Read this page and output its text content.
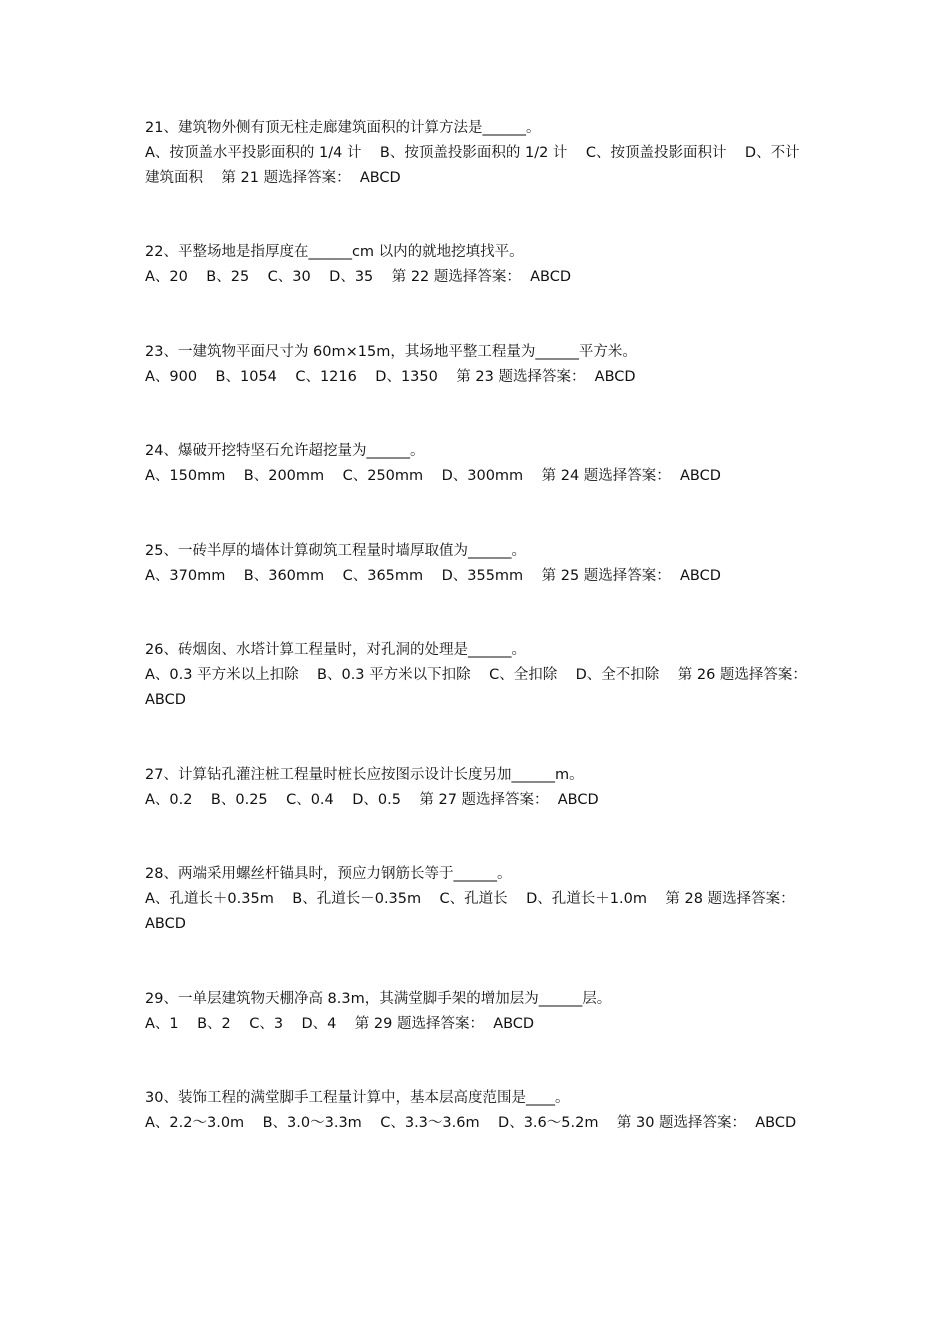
21、建筑物外侧有顶无柱走廊建筑面积的计算方法是______。

A、按顶盖水平投影面积的 1/4 计    B、按顶盖投影面积的 1/2 计    C、按顶盖投影面积计    D、不计建筑面积    第 21 题选择答案：  ABCD

22、平整场地是指厚度在______cm 以内的就地挖填找平。

A、20    B、25    C、30    D、35    第 22 题选择答案：  ABCD

23、一建筑物平面尺寸为 60m×15m，其场地平整工程量为______平方米。

A、900    B、1054    C、1216    D、1350    第 23 题选择答案：  ABCD

24、爆破开挖特坚石允许超挖量为______。

A、150mm    B、200mm    C、250mm    D、300mm    第 24 题选择答案：  ABCD

25、一砖半厚的墙体计算砌筑工程量时墙厚取值为______。

A、370mm    B、360mm    C、365mm    D、355mm    第 25 题选择答案：  ABCD

26、砖烟囱、水塔计算工程量时，对孔洞的处理是______。

A、0.3 平方米以上扣除    B、0.3 平方米以下扣除    C、全扣除    D、全不扣除    第 26 题选择答案：  ABCD

27、计算钻孔灌注桩工程量时桩长应按图示设计长度另加______m。

A、0.2    B、0.25    C、0.4    D、0.5    第 27 题选择答案：  ABCD

28、两端采用螺丝杆锚具时，预应力钢筋长等于______。

A、孔道长＋0.35m    B、孔道长－0.35m    C、孔道长    D、孔道长＋1.0m    第 28 题选择答案：  ABCD

29、一单层建筑物天棚净高 8.3m，其满堂脚手架的增加层为______层。

A、1    B、2    C、3    D、4    第 29 题选择答案：  ABCD

30、装饰工程的满堂脚手工程量计算中，基本层高度范围是____。

A、2.2～3.0m    B、3.0～3.3m    C、3.3～3.6m    D、3.6～5.2m    第 30 题选择答案：  ABCD
